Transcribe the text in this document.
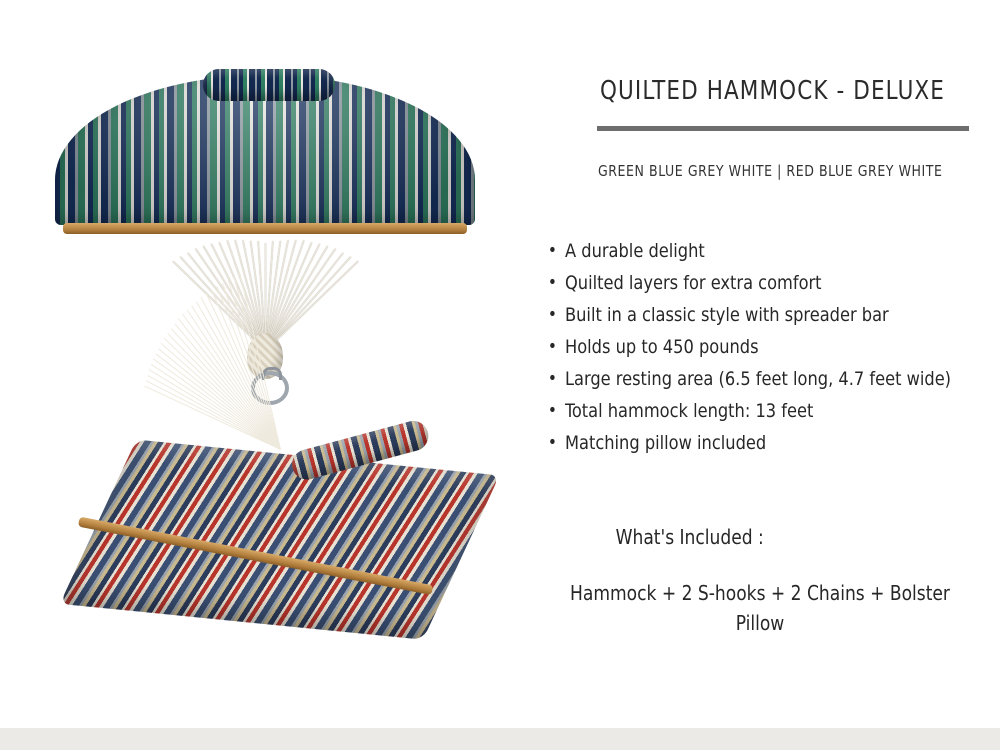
QUILTED HAMMOCK - DELUXE
GREEN BLUE GREY WHITE | RED BLUE GREY WHITE
• A durable delight
• Quilted layers for extra comfort
• Built in a classic style with spreader bar
• Holds up to 450 pounds
• Large resting area (6.5 feet long, 4.7 feet wide)
• Total hammock length: 13 feet
• Matching pillow included
What's Included :
Hammock + 2 S-hooks + 2 Chains + Bolster Pillow
